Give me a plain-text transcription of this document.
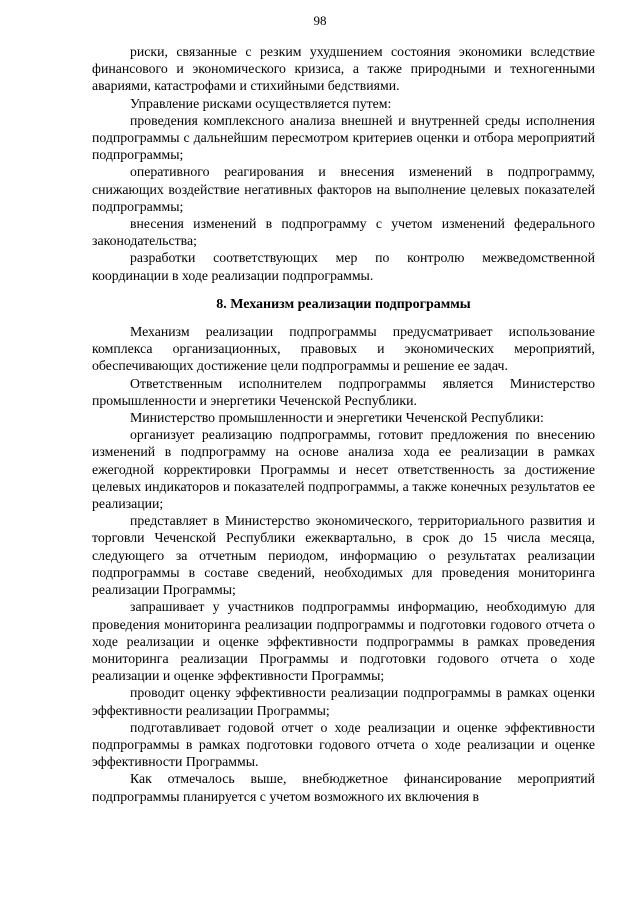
98

риски, связанные с резким ухудшением состояния экономики вследствие финансового и экономического кризиса, а также природными и техногенными авариями, катастрофами и стихийными бедствиями.

Управление рисками осуществляется путем:

проведения комплексного анализа внешней и внутренней среды исполнения подпрограммы с дальнейшим пересмотром критериев оценки и отбора мероприятий подпрограммы;

оперативного реагирования и внесения изменений в подпрограмму, снижающих воздействие негативных факторов на выполнение целевых показателей подпрограммы;

внесения изменений в подпрограмму с учетом изменений федерального законодательства;

разработки соответствующих мер по контролю межведомственной координации в ходе реализации подпрограммы.

8. Механизм реализации подпрограммы

Механизм реализации подпрограммы предусматривает использование комплекса организационных, правовых и экономических мероприятий, обеспечивающих достижение цели подпрограммы и решение ее задач.

Ответственным исполнителем подпрограммы является Министерство промышленности и энергетики Чеченской Республики.

Министерство промышленности и энергетики Чеченской Республики:

организует реализацию подпрограммы, готовит предложения по внесению изменений в подпрограмму на основе анализа хода ее реализации в рамках ежегодной корректировки Программы и несет ответственность за достижение целевых индикаторов и показателей подпрограммы, а также конечных результатов ее реализации;

представляет в Министерство экономического, территориального развития и торговли Чеченской Республики ежеквартально, в срок до 15 числа месяца, следующего за отчетным периодом, информацию о результатах реализации подпрограммы в составе сведений, необходимых для проведения мониторинга реализации Программы;

запрашивает у участников подпрограммы информацию, необходимую для проведения мониторинга реализации подпрограммы и подготовки годового отчета о ходе реализации и оценке эффективности подпрограммы в рамках проведения мониторинга реализации Программы и подготовки годового отчета о ходе реализации и оценке эффективности Программы;

проводит оценку эффективности реализации подпрограммы в рамках оценки эффективности реализации Программы;

подготавливает годовой отчет о ходе реализации и оценке эффективности подпрограммы в рамках подготовки годового отчета о ходе реализации и оценке эффективности Программы.

Как отмечалось выше, внебюджетное финансирование мероприятий подпрограммы планируется с учетом возможного их включения в
